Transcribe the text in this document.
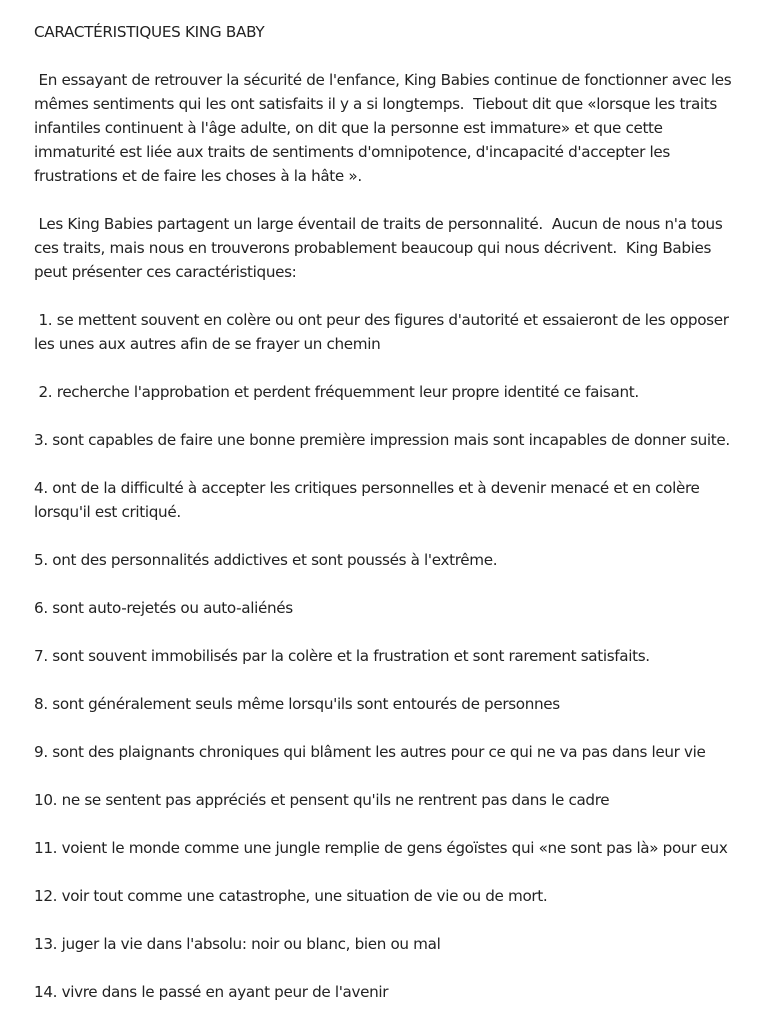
CARACTÉRISTIQUES KING BABY

En essayant de retrouver la sécurité de l'enfance, King Babies continue de fonctionner avec les mêmes sentiments qui les ont satisfaits il y a si longtemps.  Tiebout dit que «lorsque les traits infantiles continuent à l'âge adulte, on dit que la personne est immature» et que cette immaturité est liée aux traits de sentiments d'omnipotence, d'incapacité d'accepter les frustrations et de faire les choses à la hâte ».

Les King Babies partagent un large éventail de traits de personnalité.  Aucun de nous n'a tous ces traits, mais nous en trouverons probablement beaucoup qui nous décrivent.  King Babies peut présenter ces caractéristiques:

1. se mettent souvent en colère ou ont peur des figures d'autorité et essaieront de les opposer les unes aux autres afin de se frayer un chemin

2. recherche l'approbation et perdent fréquemment leur propre identité ce faisant.

3. sont capables de faire une bonne première impression mais sont incapables de donner suite.

4. ont de la difficulté à accepter les critiques personnelles et à devenir menacé et en colère lorsqu'il est critiqué.

5. ont des personnalités addictives et sont poussés à l'extrême.

6. sont auto-rejetés ou auto-aliénés

7. sont souvent immobilisés par la colère et la frustration et sont rarement satisfaits.

8. sont généralement seuls même lorsqu'ils sont entourés de personnes

9. sont des plaignants chroniques qui blâment les autres pour ce qui ne va pas dans leur vie

10. ne se sentent pas appréciés et pensent qu'ils ne rentrent pas dans le cadre

11. voient le monde comme une jungle remplie de gens égoïstes qui «ne sont pas là» pour eux

12. voir tout comme une catastrophe, une situation de vie ou de mort.

13. juger la vie dans l'absolu: noir ou blanc, bien ou mal

14. vivre dans le passé en ayant peur de l'avenir
